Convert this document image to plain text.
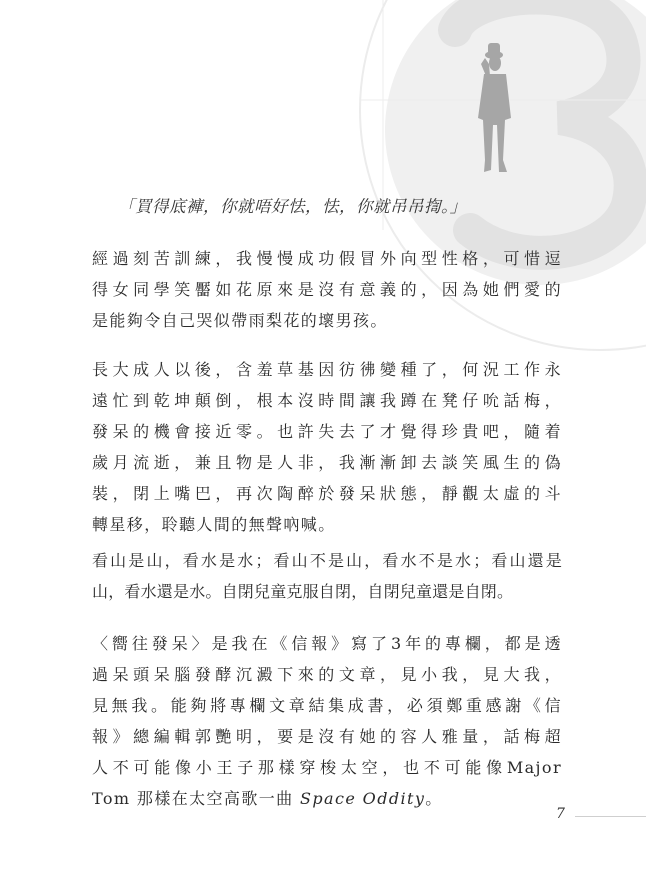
「買得底褲，你就唔好怯，怯，你就吊吊揈。」
經過刻苦訓練，我慢慢成功假冒外向型性格，可惜逗
得女同學笑靨如花原來是沒有意義的，因為她們愛的
是能夠令自己哭似帶雨梨花的壞男孩。
長大成人以後，含羞草基因彷彿變種了，何況工作永
遠忙到乾坤顛倒，根本沒時間讓我蹲在凳仔吮話梅，
發呆的機會接近零。也許失去了才覺得珍貴吧，隨着
歲月流逝，兼且物是人非，我漸漸卸去談笑風生的偽
裝，閉上嘴巴，再次陶醉於發呆狀態，靜觀太虛的斗
轉星移，聆聽人間的無聲吶喊。
看山是山，看水是水；看山不是山，看水不是水；看山還是
山，看水還是水。自閉兒童克服自閉，自閉兒童還是自閉。
〈嚮往發呆〉是我在《信報》寫了3年的專欄，都是透
過呆頭呆腦發酵沉澱下來的文章，見小我，見大我，
見無我。能夠將專欄文章結集成書，必須鄭重感謝《信
報》總編輯郭艷明，要是沒有她的容人雅量，話梅超
人不可能像小王子那樣穿梭太空，也不可能像Major
Tom 那樣在太空高歌一曲 Space Oddity。
7
